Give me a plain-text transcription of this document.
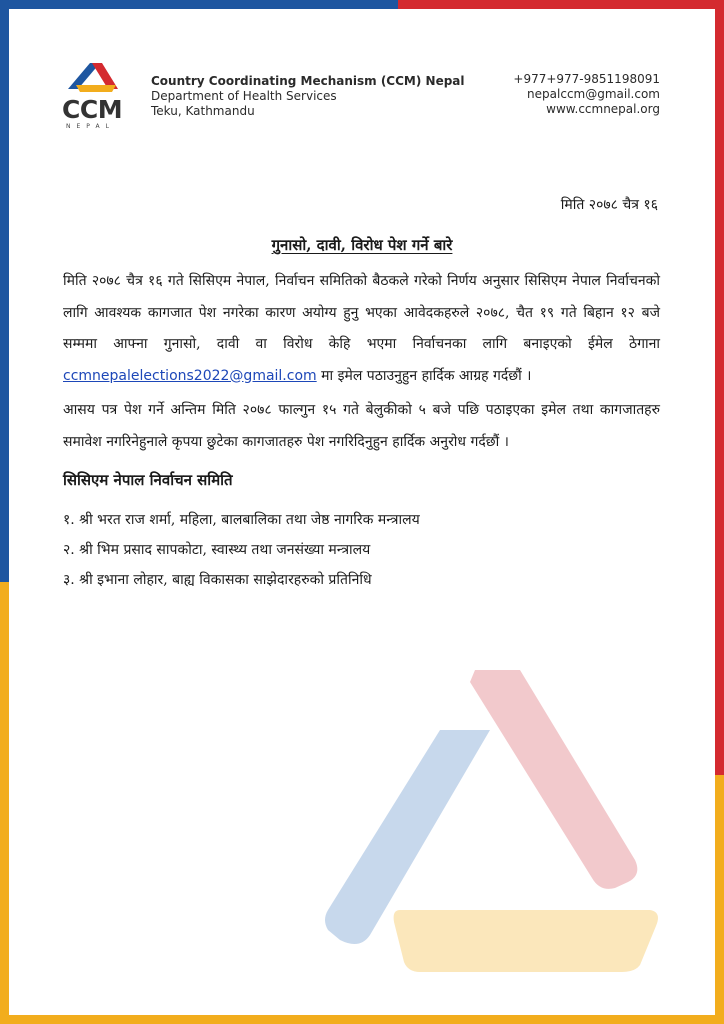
CCM
NEPAL
Country Coordinating Mechanism (CCM) Nepal
Department of Health Services
Teku, Kathmandu
+977+977-9851198091
nepalccm@gmail.com
www.ccmnepal.org
मिति २०७८ चैत्र १६
गुनासो, दावी, विरोध पेश गर्ने बारे
मिति २०७८ चैत्र १६ गते सिसिएम नेपाल, निर्वाचन समितिको बैठकले गरेको निर्णय अनुसार सिसिएम नेपाल निर्वाचनको लागि आवश्यक कागजात पेश नगरेका कारण अयोग्य हुनु भएका आवेदकहरुले २०७८, चैत १९ गते बिहान १२ बजे सम्ममा आफ्ना गुनासो, दावी वा विरोध केहि भएमा निर्वाचनका लागि बनाइएको ईमेल ठेगाना ccmnepalelections2022@gmail.com मा इमेल पठाउनुहुन हार्दिक आग्रह गर्दछौं ।
आसय पत्र पेश गर्ने अन्तिम मिति २०७८ फाल्गुन १५ गते बेलुकीको ५ बजे पछि पठाइएका इमेल तथा कागजातहरु समावेश नगरिनेहुनाले कृपया छुटेका कागजातहरु पेश नगरिदिनुहुन हार्दिक अनुरोध गर्दछौं ।
सिसिएम नेपाल निर्वाचन समिति
१. श्री भरत राज शर्मा, महिला, बालबालिका तथा जेष्ठ नागरिक मन्त्रालय
२. श्री भिम प्रसाद सापकोटा, स्वास्थ्य तथा जनसंख्या मन्त्रालय
३. श्री इभाना लोहार, बाह्य विकासका साझेदारहरुको प्रतिनिधि
